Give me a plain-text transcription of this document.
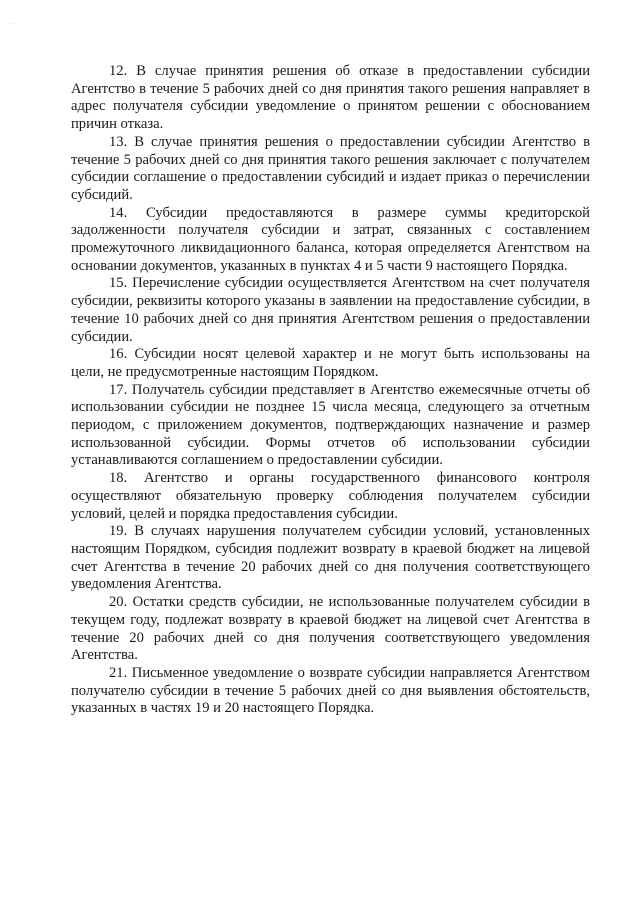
· ·

12. В случае принятия решения об отказе в предоставлении субсидии Агентство в течение 5 рабочих дней со дня принятия такого решения направляет в адрес получателя субсидии уведомление о принятом решении с обоснованием причин отказа.

13. В случае принятия решения о предоставлении субсидии Агентство в течение 5 рабочих дней со дня принятия такого решения заключает с получателем субсидии соглашение о предоставлении субсидий и издает приказ о перечислении субсидий.

14. Субсидии предоставляются в размере суммы кредиторской задолженности получателя субсидии и затрат, связанных с составлением промежуточного ликвидационного баланса, которая определяется Агентством на основании документов, указанных в пунктах 4 и 5 части 9 настоящего Порядка.

15. Перечисление субсидии осуществляется Агентством на счет получателя субсидии, реквизиты которого указаны в заявлении на предоставление субсидии, в течение 10 рабочих дней со дня принятия Агентством решения о предоставлении субсидии.

16. Субсидии носят целевой характер и не могут быть использованы на цели, не предусмотренные настоящим Порядком.

17. Получатель субсидии представляет в Агентство ежемесячные отчеты об использовании субсидии не позднее 15 числа месяца, следующего за отчетным периодом, с приложением документов, подтверждающих назначение и размер использованной субсидии. Формы отчетов об использовании субсидии устанавливаются соглашением о предоставлении субсидии.

18. Агентство и органы государственного финансового контроля осуществляют обязательную проверку соблюдения получателем субсидии условий, целей и порядка предоставления субсидии.

19. В случаях нарушения получателем субсидии условий, установленных настоящим Порядком, субсидия подлежит возврату в краевой бюджет на лицевой счет Агентства в течение 20 рабочих дней со дня получения соответствующего уведомления Агентства.

20. Остатки средств субсидии, не использованные получателем субсидии в текущем году, подлежат возврату в краевой бюджет на лицевой счет Агентства в течение 20 рабочих дней со дня получения соответствующего уведомления Агентства.

21. Письменное уведомление о возврате субсидии направляется Агентством получателю субсидии в течение 5 рабочих дней со дня выявления обстоятельств, указанных в частях 19 и 20 настоящего Порядка.
